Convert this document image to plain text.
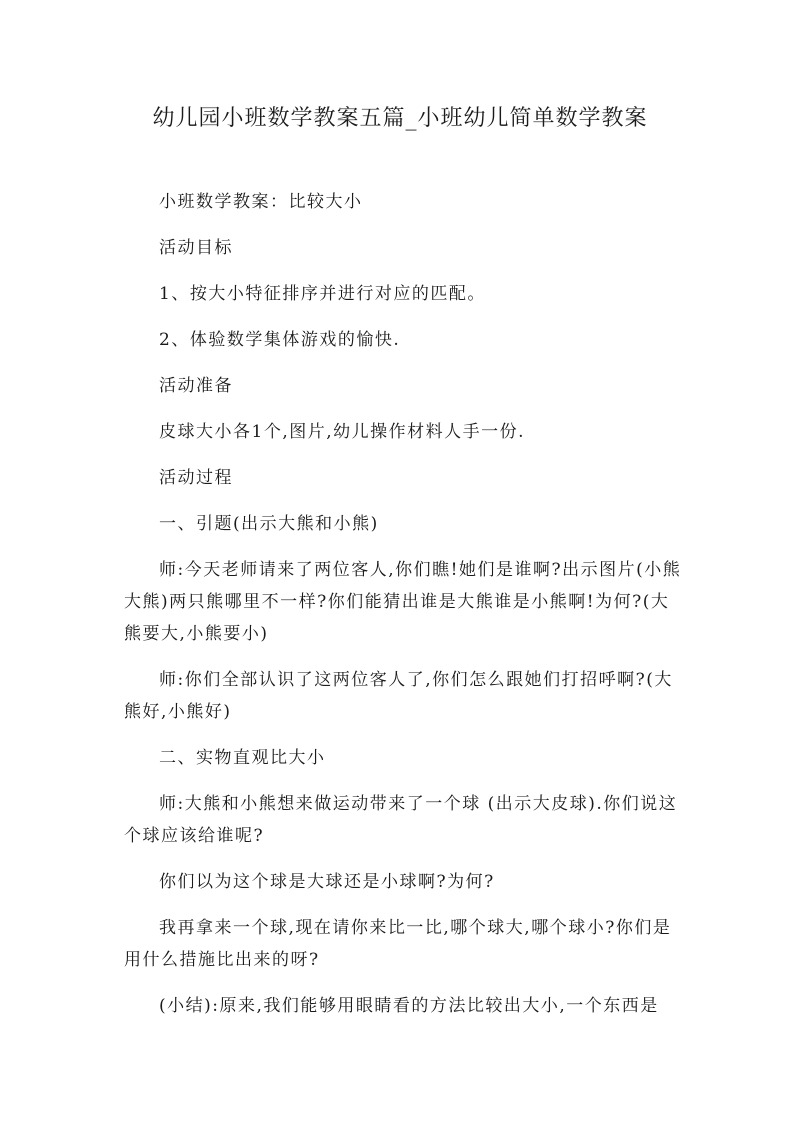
幼儿园小班数学教案五篇_小班幼儿简单数学教案

小班数学教案：比较大小

活动目标

1、按大小特征排序并进行对应的匹配。

2、体验数学集体游戏的愉快.

活动准备

皮球大小各1个,图片,幼儿操作材料人手一份.

活动过程

一、引题(出示大熊和小熊)

师:今天老师请来了两位客人,你们瞧!她们是谁啊?出示图片(小熊大熊)两只熊哪里不一样?你们能猜出谁是大熊谁是小熊啊!为何?(大熊要大,小熊要小)

师:你们全部认识了这两位客人了,你们怎么跟她们打招呼啊?(大熊好,小熊好)

二、实物直观比大小

师:大熊和小熊想来做运动带来了一个球 (出示大皮球).你们说这个球应该给谁呢?

你们以为这个球是大球还是小球啊?为何?

我再拿来一个球,现在请你来比一比,哪个球大,哪个球小?你们是用什么措施比出来的呀?

(小结):原来,我们能够用眼睛看的方法比较出大小,一个东西是
